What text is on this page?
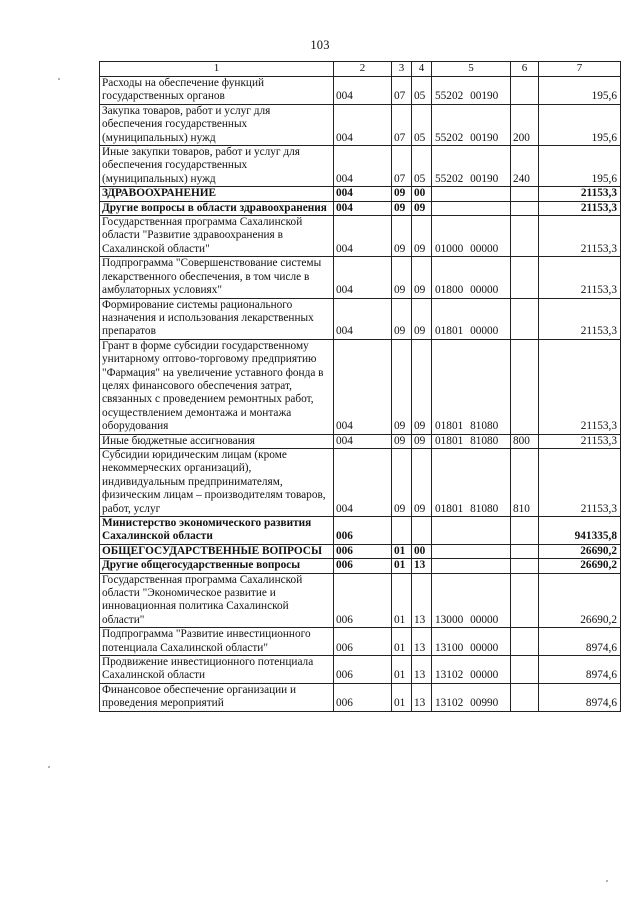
103
1	2	3	4	5	6	7
Расходы на обеспечение функций государственных органов	004	07	05	55202 00190		195,6
Закупка товаров, работ и услуг для обеспечения государственных (муниципальных) нужд	004	07	05	55202 00190	200	195,6
Иные закупки товаров, работ и услуг для обеспечения государственных (муниципальных) нужд	004	07	05	55202 00190	240	195,6
ЗДРАВООХРАНЕНИЕ	004	09	00			21153,3
Другие вопросы в области здравоохранения	004	09	09			21153,3
Государственная программа Сахалинской области "Развитие здравоохранения в Сахалинской области"	004	09	09	01000 00000		21153,3
Подпрограмма "Совершенствование системы лекарственного обеспечения, в том числе в амбулаторных условиях"	004	09	09	01800 00000		21153,3
Формирование системы рационального назначения и использования лекарственных препаратов	004	09	09	01801 00000		21153,3
Грант в форме субсидии государственному унитарному оптово-торговому предприятию "Фармация" на увеличение уставного фонда в целях финансового обеспечения затрат, связанных с проведением ремонтных работ, осуществлением демонтажа и монтажа оборудования	004	09	09	01801 81080		21153,3
Иные бюджетные ассигнования	004	09	09	01801 81080	800	21153,3
Субсидии юридическим лицам (кроме некоммерческих организаций), индивидуальным предпринимателям, физическим лицам – производителям товаров, работ, услуг	004	09	09	01801 81080	810	21153,3
Министерство экономического развития Сахалинской области	006					941335,8
ОБЩЕГОСУДАРСТВЕННЫЕ ВОПРОСЫ	006	01	00			26690,2
Другие общегосударственные вопросы	006	01	13			26690,2
Государственная программа Сахалинской области "Экономическое развитие и инновационная политика Сахалинской области"	006	01	13	13000 00000		26690,2
Подпрограмма "Развитие инвестиционного потенциала Сахалинской области"	006	01	13	13100 00000		8974,6
Продвижение инвестиционного потенциала Сахалинской области	006	01	13	13102 00000		8974,6
Финансовое обеспечение организации и проведения мероприятий	006	01	13	13102 00990		8974,6
